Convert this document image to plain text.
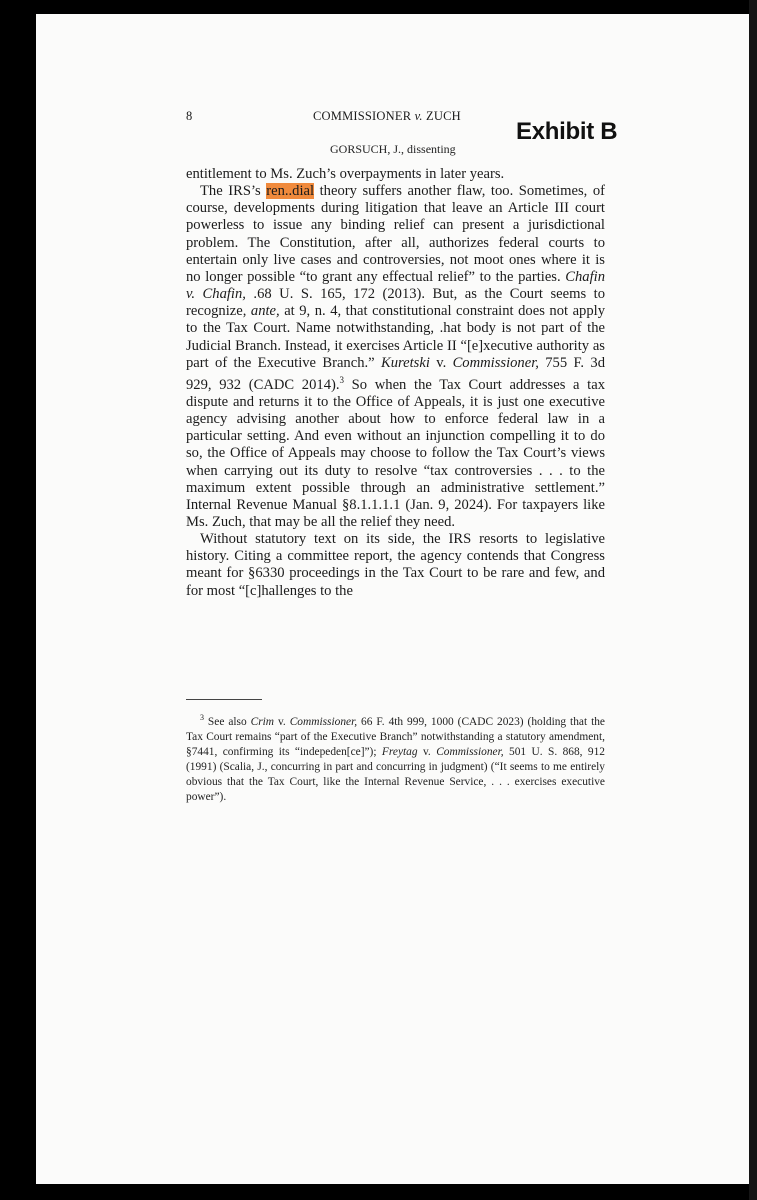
8	COMMISSIONER v. ZUCH
GORSUCH, J., dissenting
Exhibit B

entitlement to Ms. Zuch’s overpayments in later years.

The IRS’s ren..dial theory suffers another flaw, too. Sometimes, of course, developments during litigation that leave an Article III court powerless to issue any binding relief can present a jurisdictional problem. The Constitution, after all, authorizes federal courts to entertain only live cases and controversies, not moot ones where it is no longer possible “to grant any effectual relief” to the parties. Chafin v. Chafin, .68 U. S. 165, 172 (2013). But, as the Court seems to recognize, ante, at 9, n. 4, that constitutional constraint does not apply to the Tax Court. Name notwithstanding, .hat body is not part of the Judicial Branch. Instead, it exercises Article II “[e]xecutive authority as part of the Executive Branch.” Kuretski v. Commissioner, 755 F. 3d 929, 932 (CADC 2014).$^3$ So when the Tax Court addresses a tax dispute and returns it to the Office of Appeals, it is just one executive agency advising another about how to enforce federal law in a particular setting. And even without an injunction compelling it to do so, the Office of Appeals may choose to follow the Tax Court’s views when carrying out its duty to resolve “tax controversies . . . to the maximum extent possible through an administrative settlement.” Internal Revenue Manual §8.1.1.1.1 (Jan. 9, 2024). For taxpayers like Ms. Zuch, that may be all the relief they need.

Without statutory text on its side, the IRS resorts to legislative history. Citing a committee report, the agency contends that Congress meant for §6330 proceedings in the Tax Court to be rare and few, and for most “[c]hallenges to the

$^3$ See also Crim v. Commissioner, 66 F. 4th 999, 1000 (CADC 2023) (holding that the Tax Court remains “part of the Executive Branch” notwithstanding a statutory amendment, §7441, confirming its “indepeden[ce]”); Freytag v. Commissioner, 501 U. S. 868, 912 (1991) (Scalia, J., concurring in part and concurring in judgment) (“It seems to me entirely obvious that the Tax Court, like the Internal Revenue Service, . . . exercises executive power”).
